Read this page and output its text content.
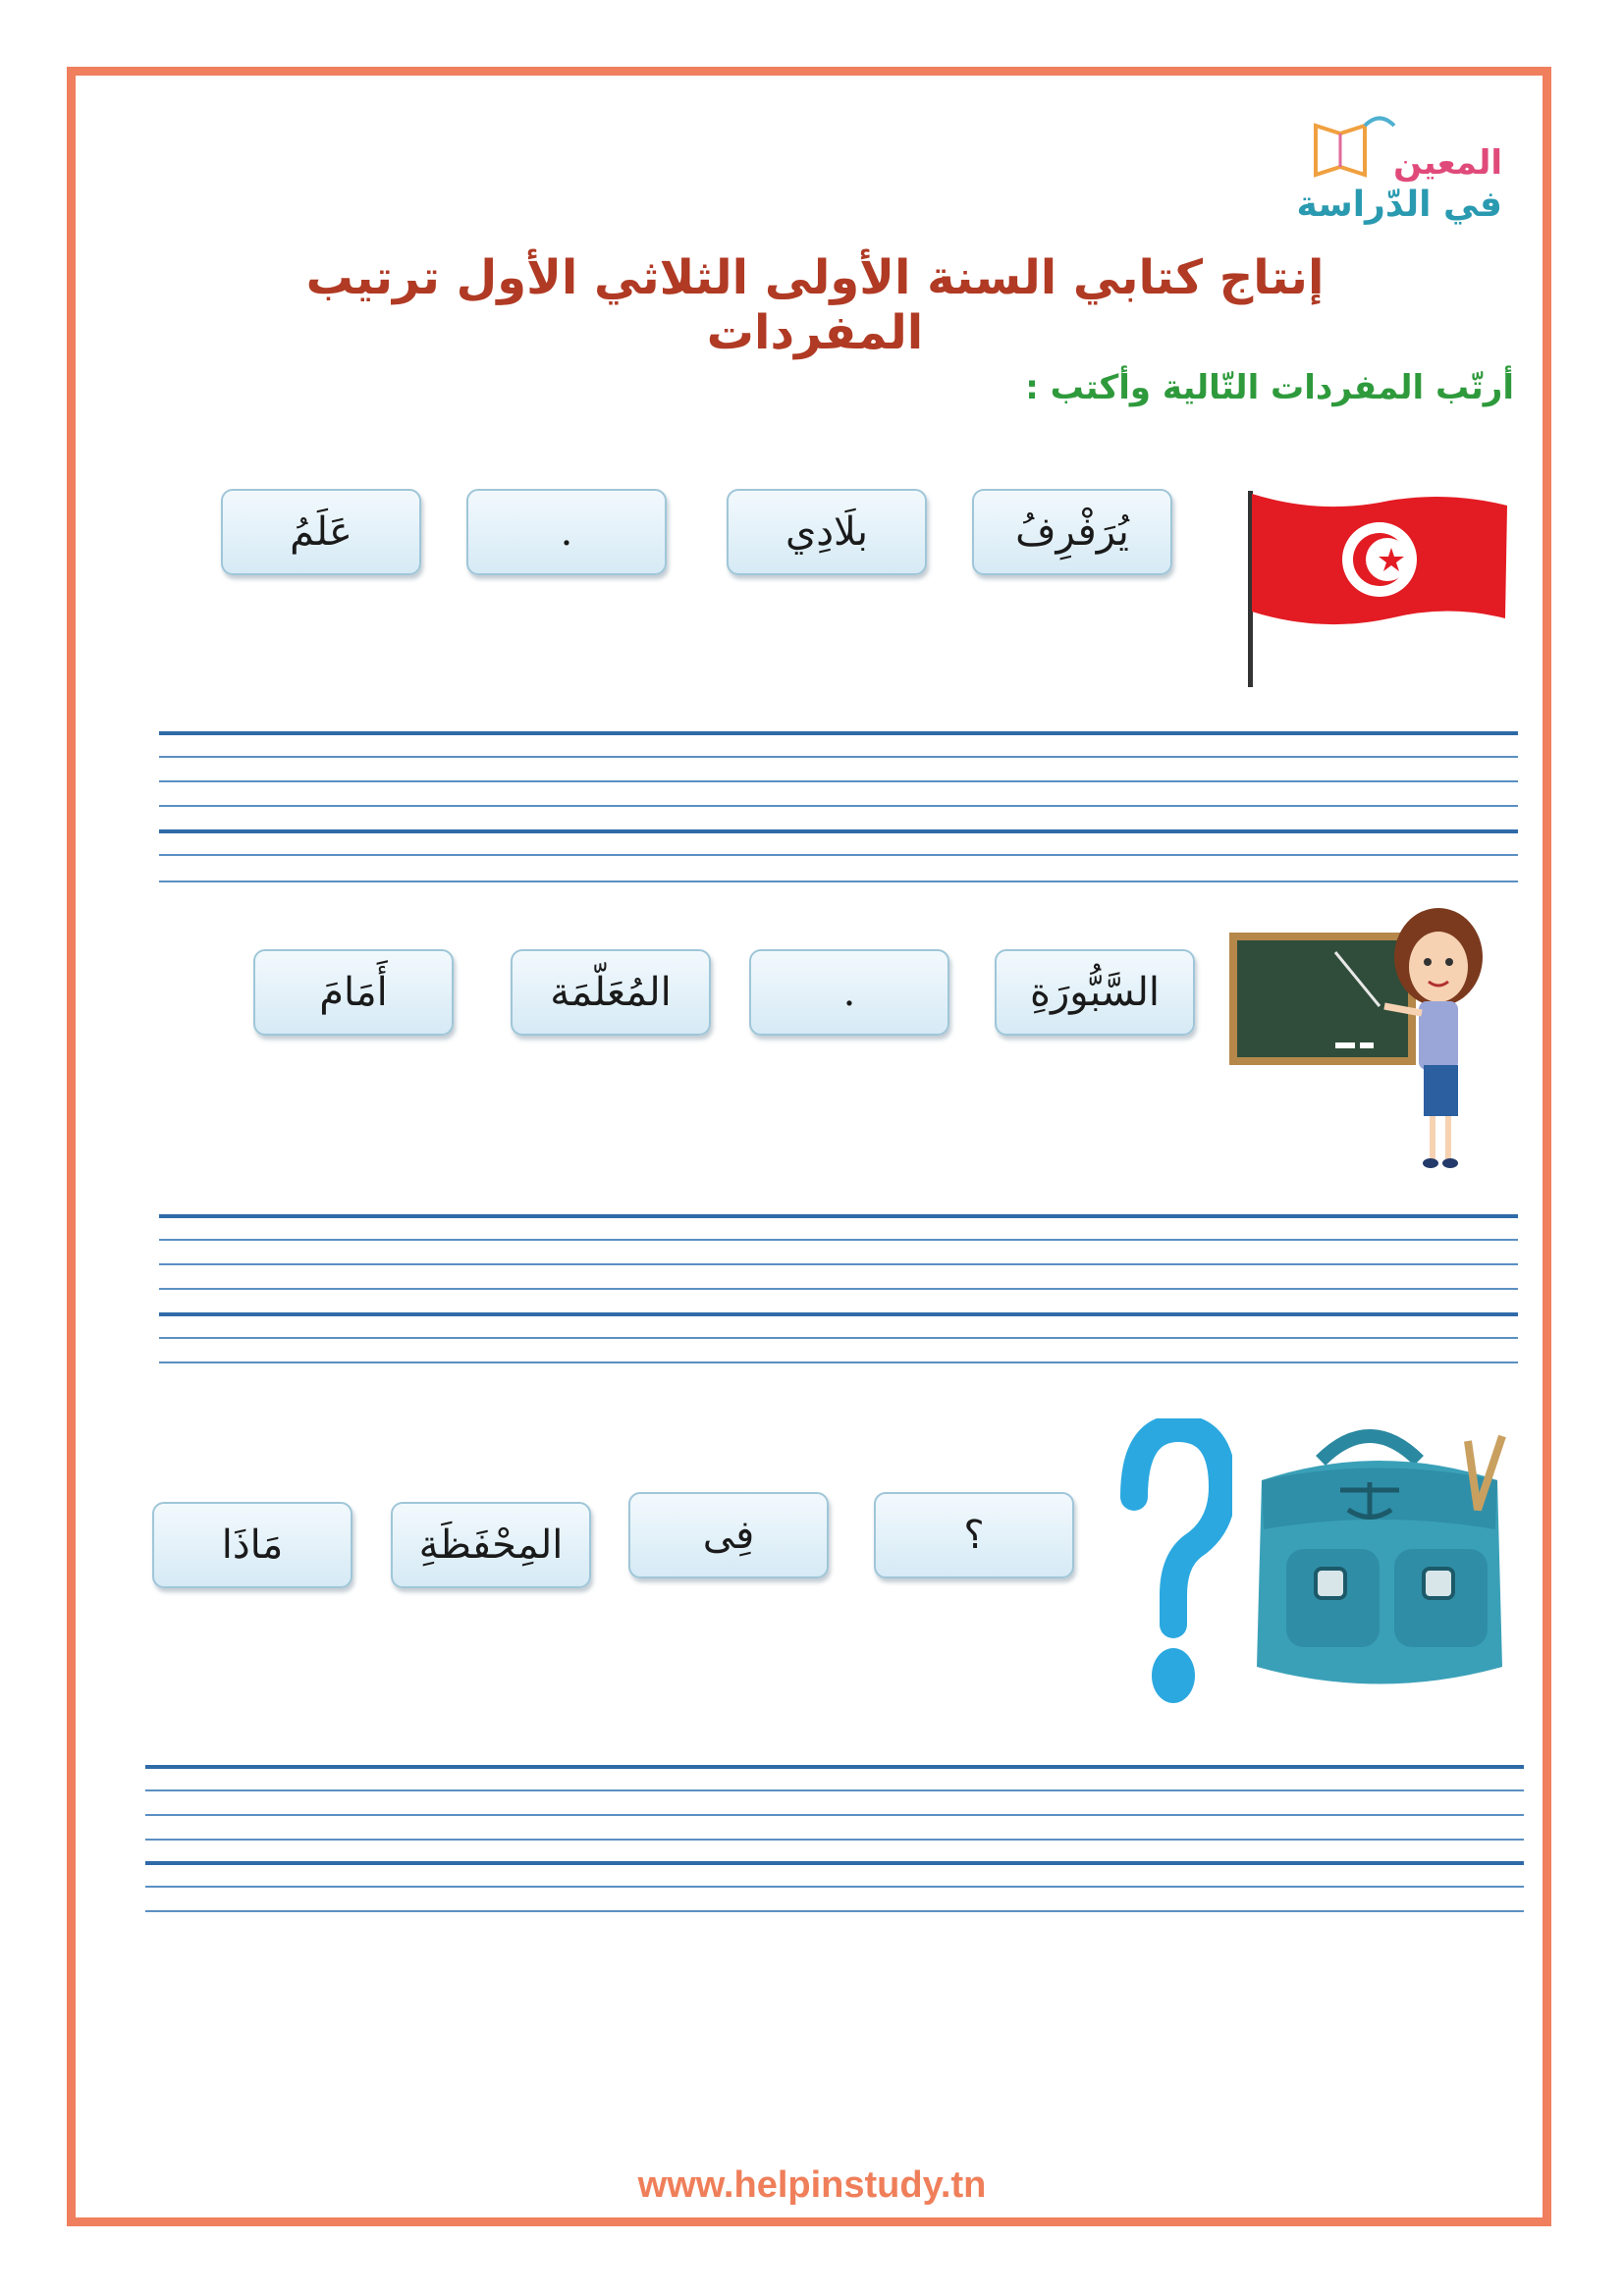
المعين
في الدّراسة
إنتاج كتابي السنة الأولى الثلاثي الأول ترتيب المفردات
أرتّب المفردات التّالية وأكتب :
يُرَفْرِفُ
بلَادِي
.
عَلَمُ
السَّبُّورَةِ
.
المُعَلّمَة
أَمَامَ
؟
فِى
المِحْفَظَةِ
مَاذَا
www.helpinstudy.tn
